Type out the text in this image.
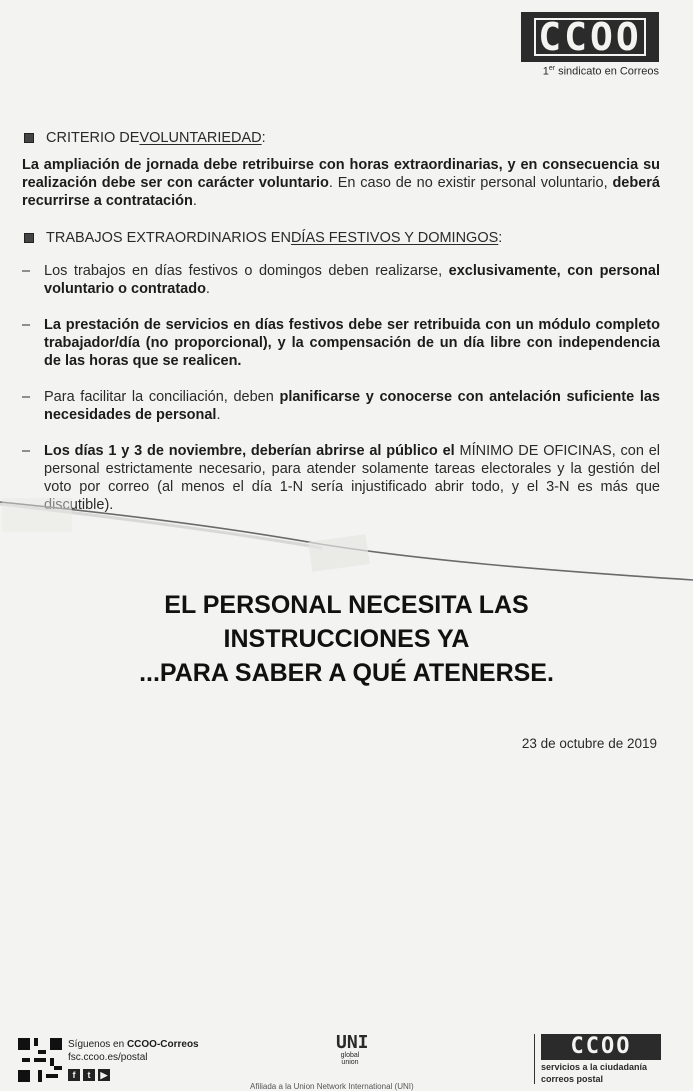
CCOO
1er sindicato en Correos
CRITERIO DE VOLUNTARIEDAD :

La ampliación de jornada debe retribuirse con horas extraordinarias, y en consecuencia su realización debe ser con carácter voluntario. En caso de no existir personal voluntario, deberá recurrirse a contratación.

TRABAJOS EXTRAORDINARIOS EN DÍAS FESTIVOS Y DOMINGOS :
– Los trabajos en días festivos o domingos deben realizarse, exclusivamente, con personal voluntario o contratado.
– La prestación de servicios en días festivos debe ser retribuida con un módulo completo trabajador/día (no proporcional), y la compensación de un día libre con independencia de las horas que se realicen.
– Para facilitar la conciliación, deben planificarse y conocerse con antelación suficiente las necesidades de personal.
– Los días 1 y 3 de noviembre, deberían abrirse al público el MÍNIMO DE OFICINAS, con el personal estrictamente necesario, para atender solamente tareas electorales y la gestión del voto por correo (al menos el día 1-N sería injustificado abrir todo, y el 3-N es más que discutible).
EL PERSONAL NECESITA LAS
INSTRUCCIONES YA
...PARA SABER A QUÉ ATENERSE.
23 de octubre de 2019
Síguenos en CCOO-Correos
fsc.ccoo.es/postal
f	t	▶
UNI
global
union
Afiliada a la Union Network International (UNI)
CCOO
servicios a la ciudadanía
correos postal
